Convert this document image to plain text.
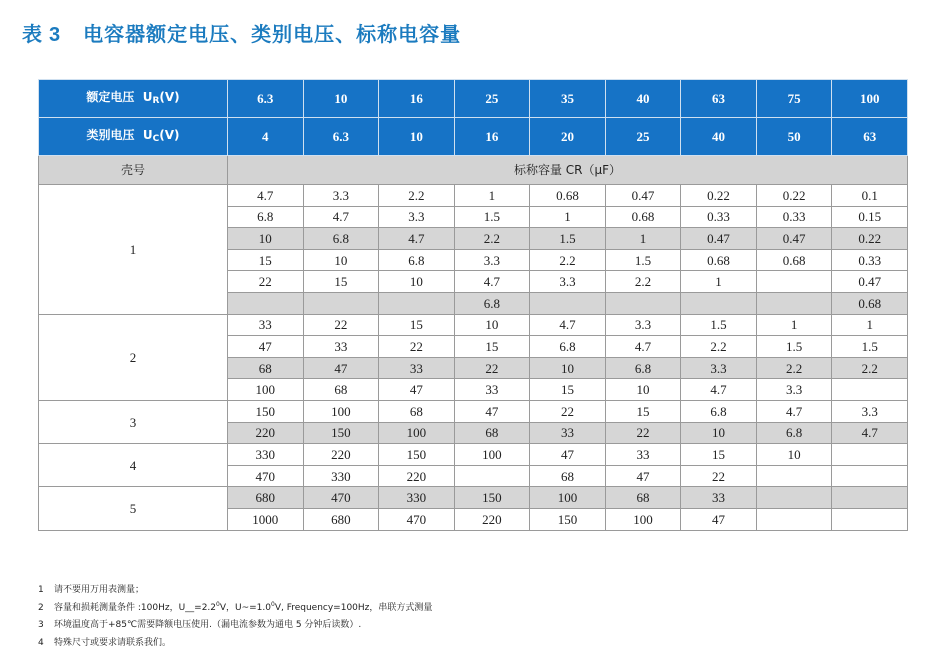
表 3 电容器额定电压、类别电压、标称电容量
额定电压 $U_R(V)$	6.3	10	16	25	35	40	63	75	100
类别电压 $U_C(V)$	4	6.3	10	16	20	25	40	50	63
壳号	标称容量 CR（μF）								
1	4.7	3.3	2.2	1	0.68	0.47	0.22	0.22	0.1
	6.8	4.7	3.3	1.5	1	0.68	0.33	0.33	0.15
	10	6.8	4.7	2.2	1.5	1	0.47	0.47	0.22
	15	10	6.8	3.3	2.2	1.5	0.68	0.68	0.33
	22	15	10	4.7	3.3	2.2	1		0.47
				6.8					0.68
2	33	22	15	10	4.7	3.3	1.5	1	1
	47	33	22	15	6.8	4.7	2.2	1.5	1.5
	68	47	33	22	10	6.8	3.3	2.2	2.2
	100	68	47	33	15	10	4.7	3.3	
3	150	100	68	47	22	15	6.8	4.7	3.3
	220	150	100	68	33	22	10	6.8	4.7
4	330	220	150	100	47	33	15	10	
	470	330	220		68	47	22		
5	680	470	330	150	100	68	33		
	1000	680	470	220	150	100	47		
1 请不要用万用表测量；
2 容量和损耗测量条件 :100Hz，$U\_\_=2.2^0V$，$U\sim=1.0^0V$, Frequency=100Hz，串联方式测量
3 环境温度高于+85℃需要降额电压使用.（漏电流参数为通电 5 分钟后读数）.
4 特殊尺寸或要求请联系我们。
